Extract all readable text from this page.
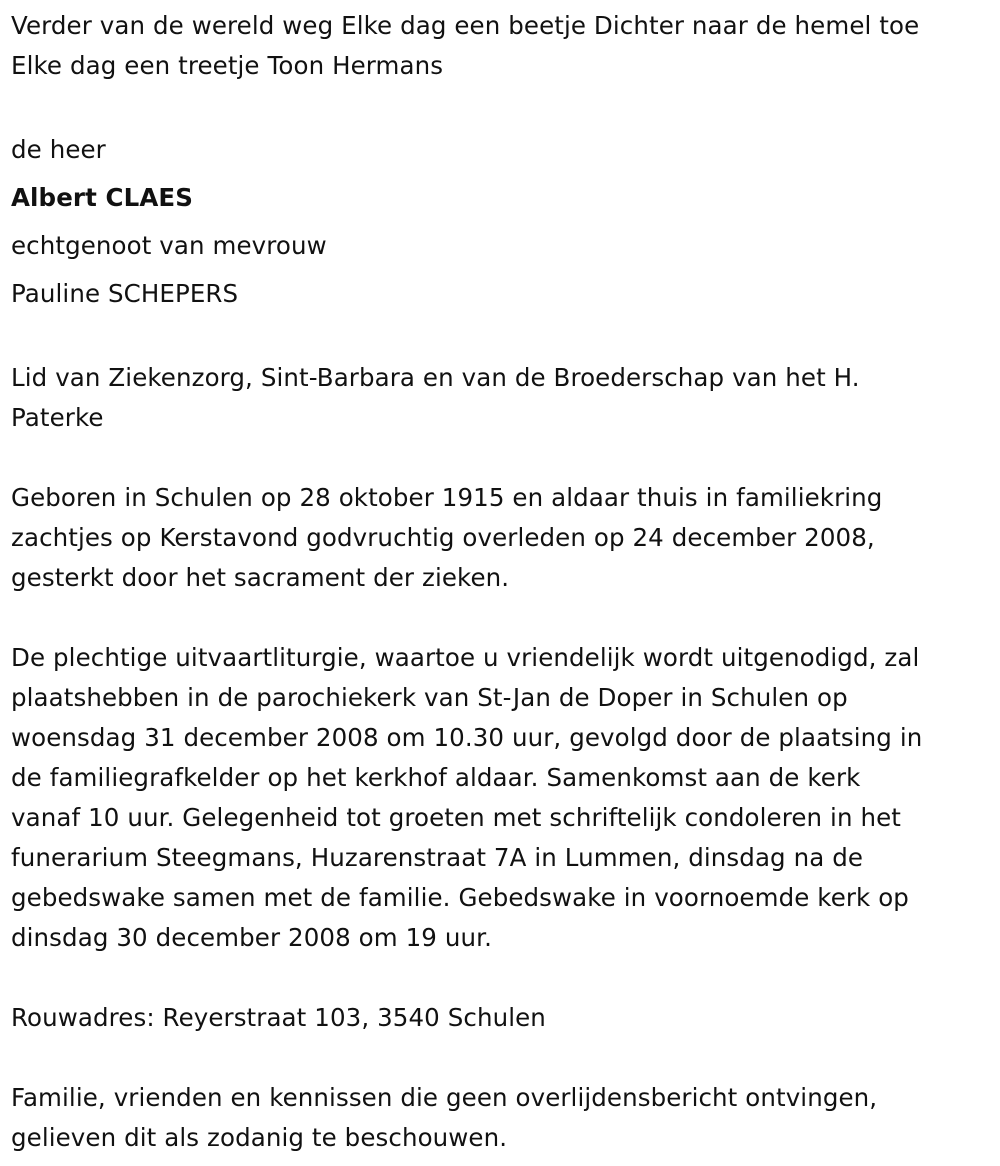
Verder van de wereld weg Elke dag een beetje Dichter naar de hemel toe
Elke dag een treetje Toon Hermans
de heer
Albert CLAES
echtgenoot van mevrouw
Pauline SCHEPERS
Lid van Ziekenzorg, Sint-Barbara en van de Broederschap van het H.
Paterke
Geboren in Schulen op 28 oktober 1915 en aldaar thuis in familiekring
zachtjes op Kerstavond godvruchtig overleden op 24 december 2008,
gesterkt door het sacrament der zieken.
De plechtige uitvaartliturgie, waartoe u vriendelijk wordt uitgenodigd, zal
plaatshebben in de parochiekerk van St-Jan de Doper in Schulen op
woensdag 31 december 2008 om 10.30 uur, gevolgd door de plaatsing in
de familiegrafkelder op het kerkhof aldaar. Samenkomst aan de kerk
vanaf 10 uur. Gelegenheid tot groeten met schriftelijk condoleren in het
funerarium Steegmans, Huzarenstraat 7A in Lummen, dinsdag na de
gebedswake samen met de familie. Gebedswake in voornoemde kerk op
dinsdag 30 december 2008 om 19 uur.
Rouwadres: Reyerstraat 103, 3540 Schulen
Familie, vrienden en kennissen die geen overlijdensbericht ontvingen,
gelieven dit als zodanig te beschouwen.
